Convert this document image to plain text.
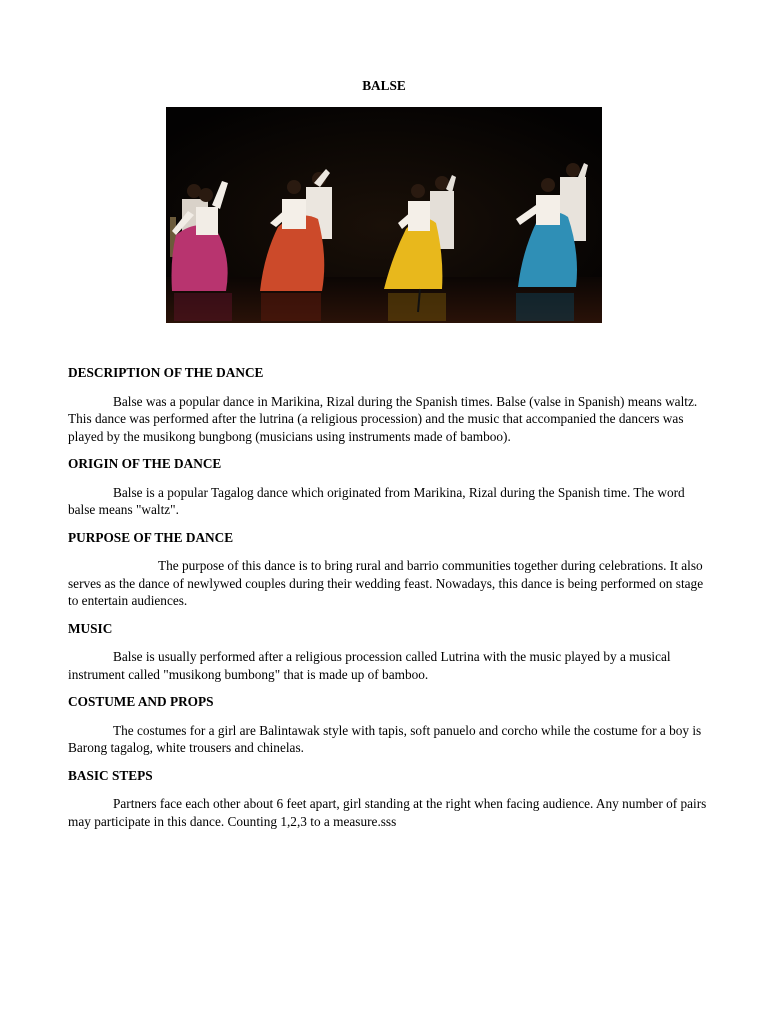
BALSE
DESCRIPTION OF THE DANCE
Balse was a popular dance in Marikina, Rizal during the Spanish times. Balse (valse in Spanish) means waltz. This dance was performed after the lutrina (a religious procession) and the music that accompanied the dancers was played by the musikong bungbong (musicians using instruments made of bamboo).
ORIGIN OF THE DANCE
Balse is a popular Tagalog dance which originated from Marikina, Rizal during the Spanish time. The word balse means "waltz".
PURPOSE OF THE DANCE
The purpose of this dance is to bring rural and barrio communities together during celebrations. It also serves as the dance of newlywed couples during their wedding feast. Nowadays, this dance is being performed on stage to entertain audiences.
MUSIC
Balse is usually performed after a religious procession called Lutrina with the music played by a musical instrument called "musikong bumbong" that is made up of bamboo.
COSTUME AND PROPS
The costumes for a girl are Balintawak style with tapis, soft panuelo and corcho while the costume for a boy is Barong tagalog, white trousers and chinelas.
BASIC STEPS
Partners face each other about 6 feet apart, girl standing at the right when facing audience. Any number of pairs may participate in this dance. Counting 1,2,3 to a measure.sss
